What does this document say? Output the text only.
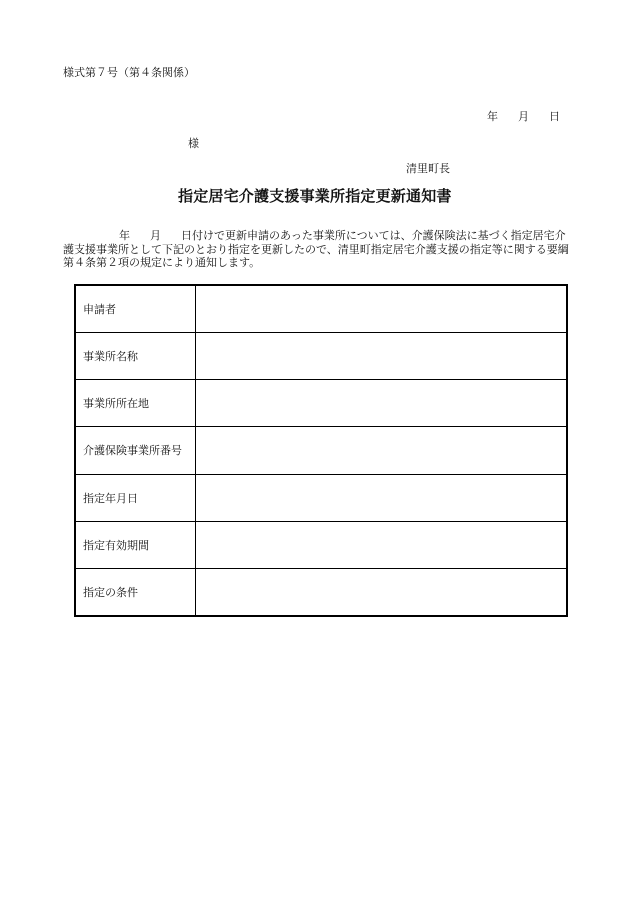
様式第７号（第４条関係）
年 月 日
様
清里町長
指定居宅介護支援事業所指定更新通知書
年 月 日付けで更新申請のあった事業所については、介護保険法に基づく指定居宅介護支援事業所として下記のとおり指定を更新したので、清里町指定居宅介護支援の指定等に関する要綱第４条第２項の規定により通知します。
申請者	
事業所名称	
事業所所在地	
介護保険事業所番号	
指定年月日	
指定有効期間	
指定の条件	
